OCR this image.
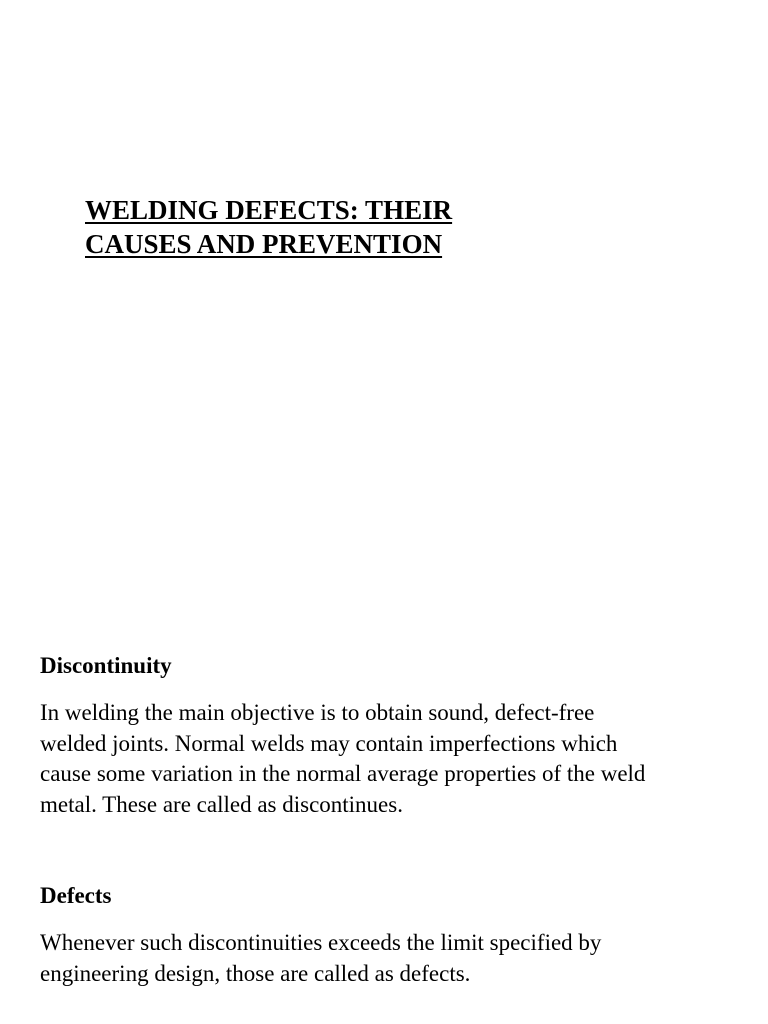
WELDING DEFECTS: THEIR
CAUSES AND PREVENTION
Discontinuity

In welding the main objective is to obtain sound, defect-free
welded joints. Normal welds may contain imperfections which
cause some variation in the normal average properties of the weld
metal. These are called as discontinues.

Defects

Whenever such discontinuities exceeds the limit specified by
engineering design, those are called as defects.
